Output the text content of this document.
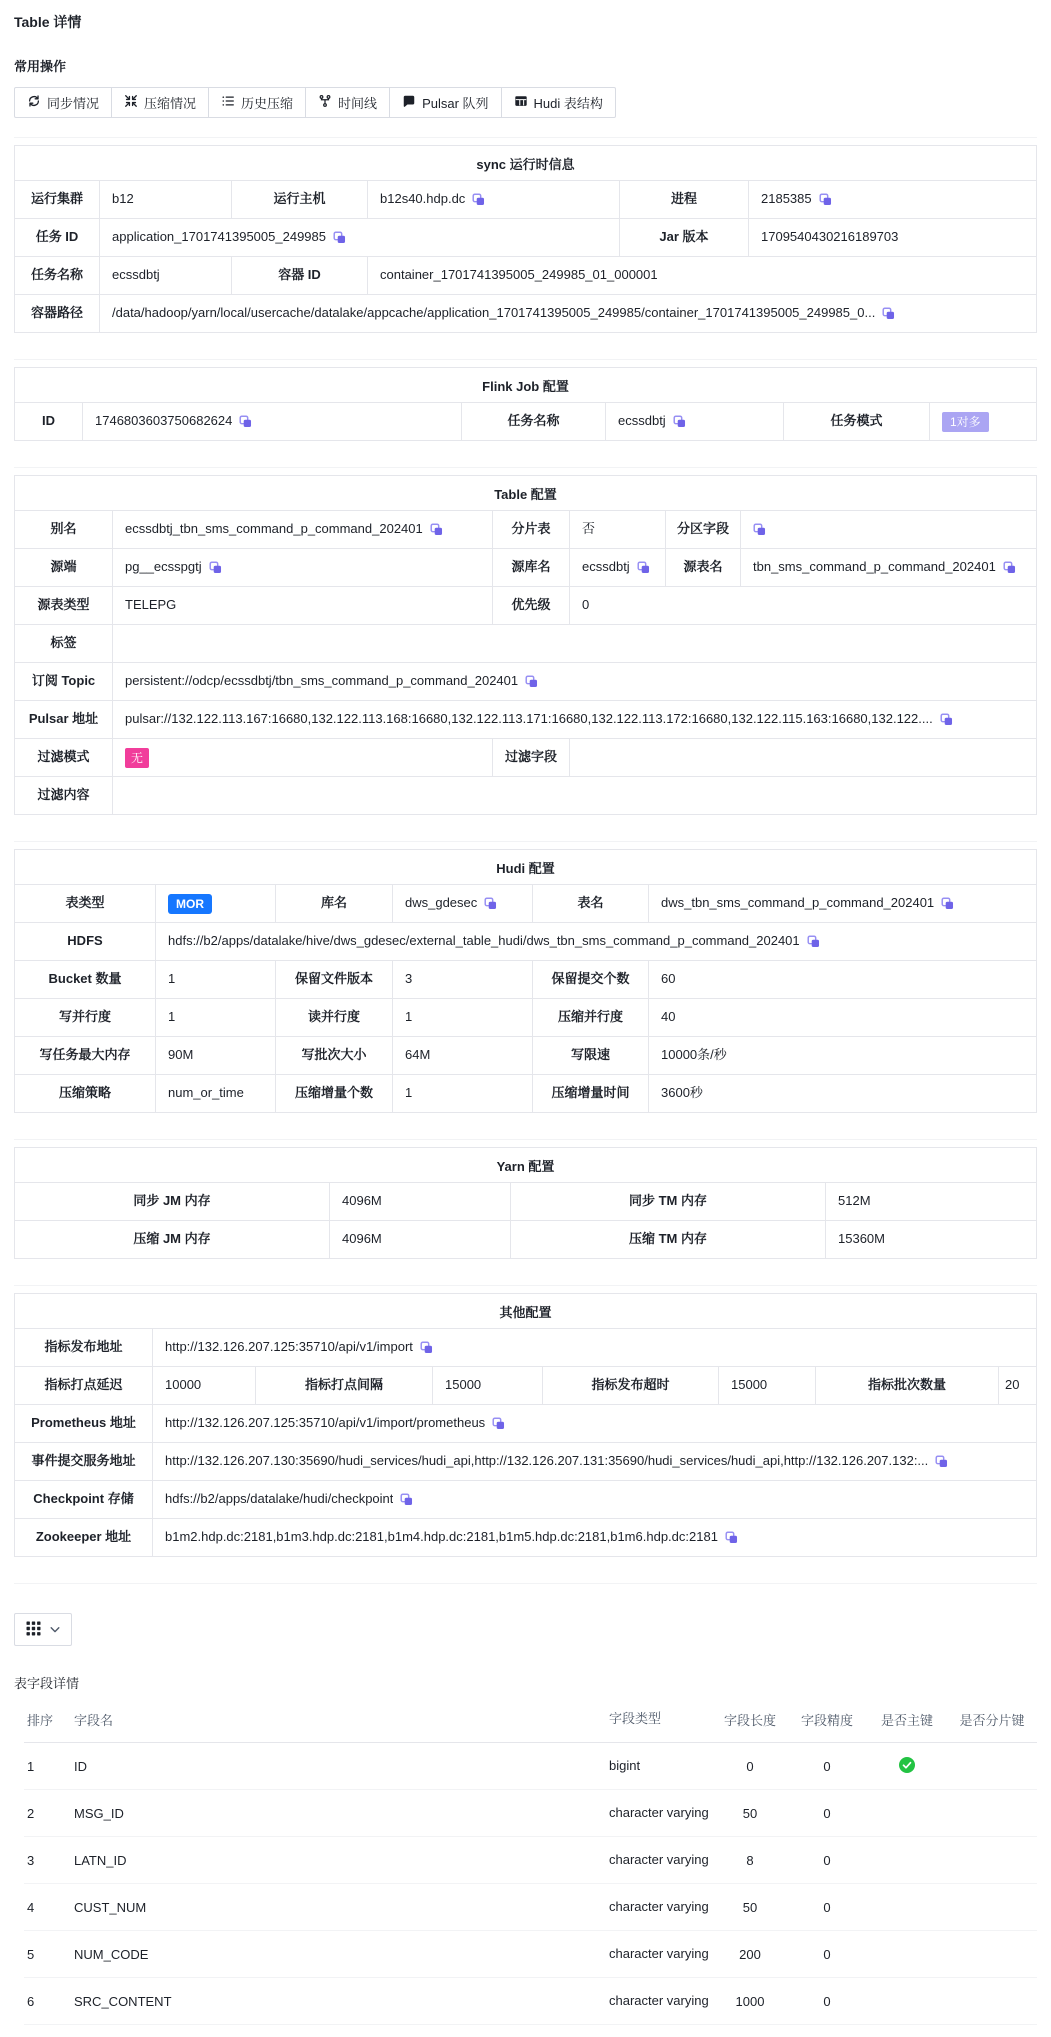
Table 详情
常用操作
同步情况	压缩情况	历史压缩	时间线	Pulsar 队列	Hudi 表结构
sync 运行时信息
运行集群	b12	运行主机	b12s40.hdp.dc	进程	2185385
任务 ID	application_1701741395005_249985	Jar 版本	1709540430216189703
任务名称	ecssdbtj	容器 ID	container_1701741395005_249985_01_000001
容器路径	/data/hadoop/yarn/local/usercache/datalake/appcache/application_1701741395005_249985/container_1701741395005_249985_0...
Flink Job 配置
ID	1746803603750682624	任务名称	ecssdbtj	任务模式	1对多
Table 配置
别名	ecssdbtj_tbn_sms_command_p_command_202401	分片表	否	分区字段
源端	pg__ecsspgtj	源库名	ecssdbtj	源表名	tbn_sms_command_p_command_202401
源表类型	TELEPG	优先级	0
标签
订阅 Topic	persistent://odcp/ecssdbtj/tbn_sms_command_p_command_202401
Pulsar 地址	pulsar://132.122.113.167:16680,132.122.113.168:16680,132.122.113.171:16680,132.122.113.172:16680,132.122.115.163:16680,132.122....
过滤模式	无	过滤字段
过滤内容
Hudi 配置
表类型	MOR	库名	dws_gdesec	表名	dws_tbn_sms_command_p_command_202401
HDFS	hdfs://b2/apps/datalake/hive/dws_gdesec/external_table_hudi/dws_tbn_sms_command_p_command_202401
Bucket 数量	1	保留文件版本	3	保留提交个数	60
写并行度	1	读并行度	1	压缩并行度	40
写任务最大内存	90M	写批次大小	64M	写限速	10000条/秒
压缩策略	num_or_time	压缩增量个数	1	压缩增量时间	3600秒
Yarn 配置
同步 JM 内存	4096M	同步 TM 内存	512M
压缩 JM 内存	4096M	压缩 TM 内存	15360M
其他配置
指标发布地址	http://132.126.207.125:35710/api/v1/import
指标打点延迟	10000	指标打点间隔	15000	指标发布超时	15000	指标批次数量	20
Prometheus 地址	http://132.126.207.125:35710/api/v1/import/prometheus
事件提交服务地址	http://132.126.207.130:35690/hudi_services/hudi_api,http://132.126.207.131:35690/hudi_services/hudi_api,http://132.126.207.132:...
Checkpoint 存储	hdfs://b2/apps/datalake/hudi/checkpoint
Zookeeper 地址	b1m2.hdp.dc:2181,b1m3.hdp.dc:2181,b1m4.hdp.dc:2181,b1m5.hdp.dc:2181,b1m6.hdp.dc:2181
表字段详情
排序	字段名	字段类型	字段长度	字段精度	是否主键	是否分片键
1	ID	bigint	0	0
2	MSG_ID	character varying	50	0
3	LATN_ID	character varying	8	0
4	CUST_NUM	character varying	50	0
5	NUM_CODE	character varying	200	0
6	SRC_CONTENT	character varying	1000	0
